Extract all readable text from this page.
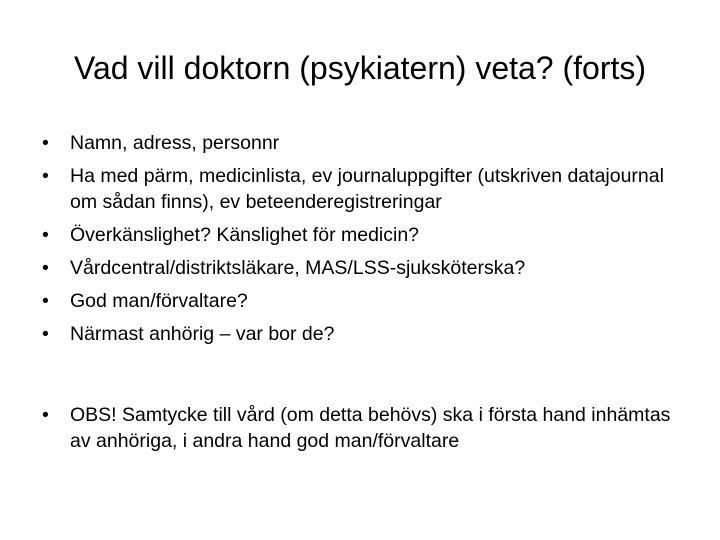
Vad vill doktorn (psykiatern) veta? (forts)
•
Namn, adress, personnr
•
Ha med pärm, medicinlista, ev journaluppgifter (utskriven datajournal om sådan finns), ev beteenderegistreringar
•
Överkänslighet? Känslighet för medicin?
•
Vårdcentral/distriktsläkare, MAS/LSS-sjuksköterska?
•
God man/förvaltare?
•
Närmast anhörig – var bor de?
•
OBS! Samtycke till vård (om detta behövs) ska i första hand inhämtas av anhöriga, i andra hand god man/förvaltare
